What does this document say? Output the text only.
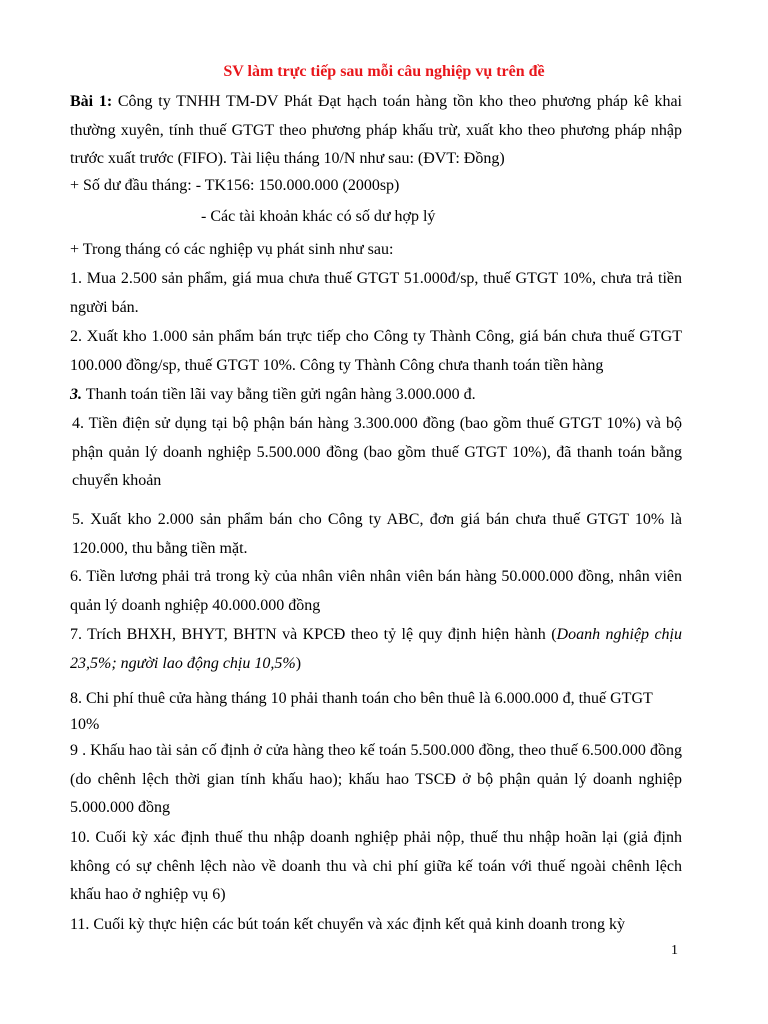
SV làm trực tiếp sau mỗi câu nghiệp vụ trên đề

Bài 1: Công ty TNHH TM-DV Phát Đạt hạch toán hàng tồn kho theo phương pháp kê khai thường xuyên, tính thuế GTGT theo phương pháp khấu trừ, xuất kho theo phương pháp nhập trước xuất trước (FIFO). Tài liệu tháng 10/N như sau: (ĐVT: Đồng)

+ Số dư đầu tháng: - TK156: 150.000.000 (2000sp)

- Các tài khoản khác có số dư hợp lý

+ Trong tháng có các nghiệp vụ phát sinh như sau:

1. Mua 2.500 sản phẩm, giá mua chưa thuế GTGT 51.000đ/sp, thuế GTGT 10%, chưa trả tiền người bán.

2. Xuất kho 1.000 sản phẩm bán trực tiếp cho Công ty Thành Công, giá bán chưa thuế GTGT 100.000 đồng/sp, thuế GTGT 10%. Công ty Thành Công chưa thanh toán tiền hàng

3. Thanh toán tiền lãi vay bằng tiền gửi ngân hàng 3.000.000 đ.

4. Tiền điện sử dụng tại bộ phận bán hàng 3.300.000 đồng (bao gồm thuế GTGT 10%) và bộ phận quản lý doanh nghiệp 5.500.000 đồng (bao gồm thuế GTGT 10%), đã thanh toán bằng chuyển khoản

5. Xuất kho 2.000 sản phẩm bán cho Công ty ABC, đơn giá bán chưa thuế GTGT 10% là 120.000, thu bằng tiền mặt.

6. Tiền lương phải trả trong kỳ của nhân viên nhân viên bán hàng 50.000.000 đồng, nhân viên quản lý doanh nghiệp 40.000.000 đồng

7. Trích BHXH, BHYT, BHTN và KPCĐ theo tỷ lệ quy định hiện hành (Doanh nghiệp chịu 23,5%; người lao động chịu 10,5%)

8. Chi phí thuê cửa hàng tháng 10 phải thanh toán cho bên thuê là 6.000.000 đ, thuế GTGT 10%

9 . Khấu hao tài sản cố định ở cửa hàng theo kế toán 5.500.000 đồng, theo thuế 6.500.000 đồng (do chênh lệch thời gian tính khấu hao); khấu hao TSCĐ ở bộ phận quản lý doanh nghiệp 5.000.000 đồng

10. Cuối kỳ xác định thuế thu nhập doanh nghiệp phải nộp, thuế thu nhập hoãn lại (giả định không có sự chênh lệch nào về doanh thu và chi phí giữa kế toán với thuế ngoài chênh lệch khấu hao ở nghiệp vụ 6)

11. Cuối kỳ thực hiện các bút toán kết chuyển và xác định kết quả kinh doanh trong kỳ

1
